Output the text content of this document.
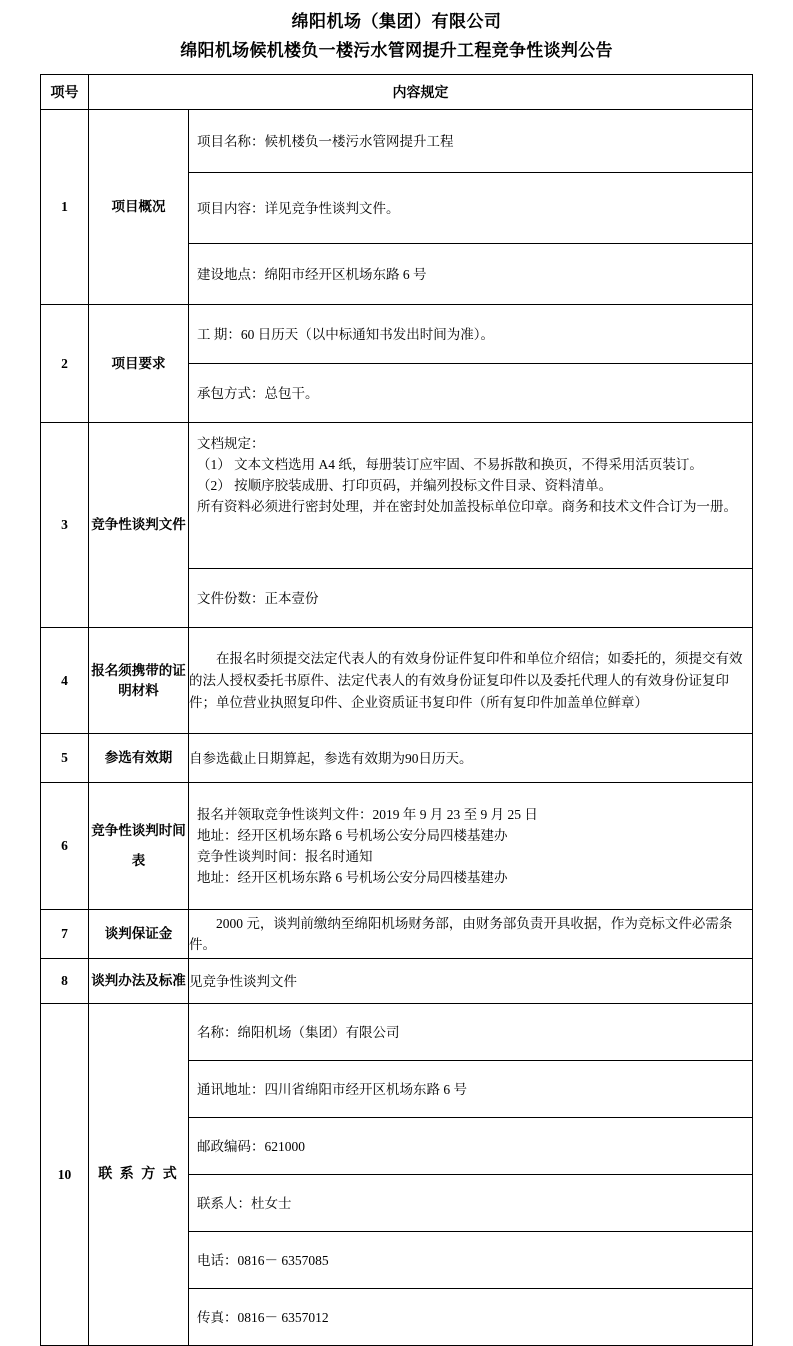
绵阳机场（集团）有限公司
绵阳机场候机楼负一楼污水管网提升工程竞争性谈判公告
项号	内容规定
1	项目概况	
项目名称：候机楼负一楼污水管网提升工程
项目内容：详见竞争性谈判文件。
建设地点：绵阳市经开区机场东路 6 号

2	项目要求	
工 期：60 日历天（以中标通知书发出时间为准）。
承包方式：总包干。

3	竞争性谈判文件	
文档规定：
（1） 文本文档选用 A4 纸，每册装订应牢固、不易拆散和换页，不得采用活页装订。
（2） 按顺序胶装成册、打印页码，并编列投标文件目录、资料清单。
所有资料必须进行密封处理，并在密封处加盖投标单位印章。商务和技术文件合订为一册。

文件份数：正本壹份

4	报名须携带的证明材料	在报名时须提交法定代表人的有效身份证件复印件和单位介绍信；如委托的，须提交有效的法人授权委托书原件、法定代表人的有效身份证复印件以及委托代理人的有效身份证复印件；单位营业执照复印件、企业资质证书复印件（所有复印件加盖单位鲜章）
5	参选有效期	自参选截止日期算起，参选有效期为90日历天。
6	竞争性谈判时间表	
报名并领取竞争性谈判文件：2019 年 9 月 23 至 9 月 25 日
地址：经开区机场东路 6 号机场公安分局四楼基建办
竞争性谈判时间：报名时通知
地址：经开区机场东路 6 号机场公安分局四楼基建办

7	谈判保证金	2000 元，谈判前缴纳至绵阳机场财务部，由财务部负责开具收据，作为竞标文件必需条件。
8	谈判办法及标准	见竞争性谈判文件
10	联 系 方 式	
名称：绵阳机场（集团）有限公司
通讯地址：四川省绵阳市经开区机场东路 6 号
邮政编码：621000
联系人：杜女士
电话：0816－ 6357085
传真：0816－ 6357012
